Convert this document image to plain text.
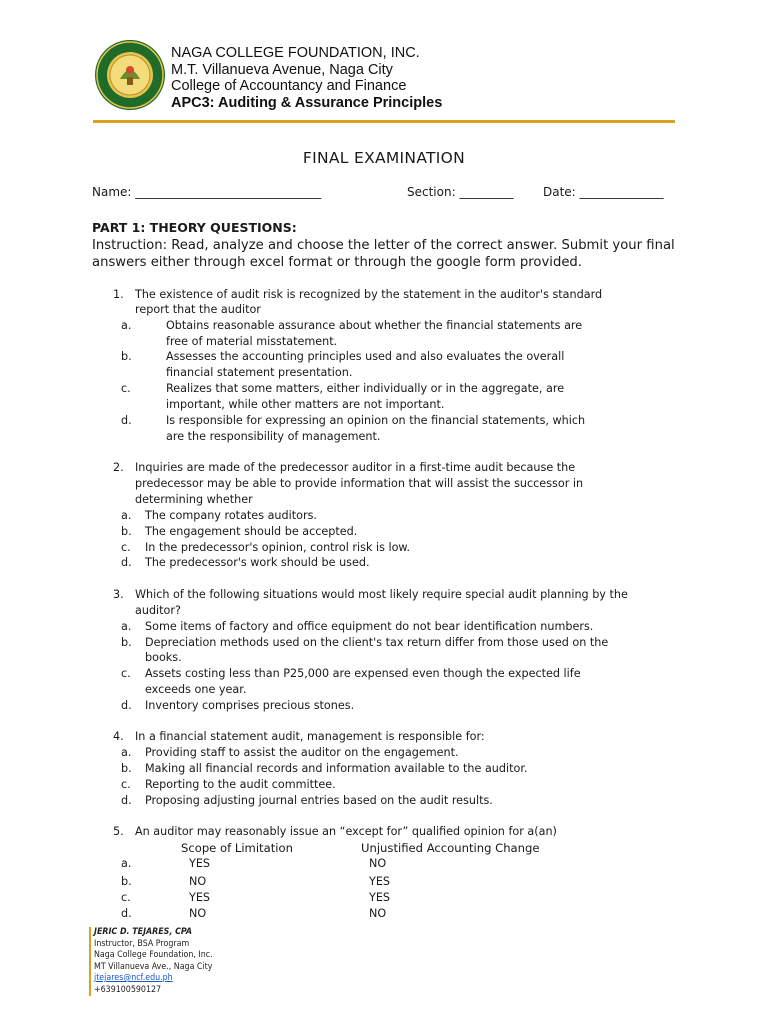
NAGA COLLEGE FOUNDATION, INC.
M.T. Villanueva Avenue, Naga City
College of Accountancy and Finance
APC3: Auditing & Assurance Principles
FINAL EXAMINATION
Name: _______________________________	Section: _________ Date: ______________
PART 1: THEORY QUESTIONS:
Instruction: Read, analyze and choose the letter of the correct answer. Submit your final
answers either through excel format or through the google form provided.
1. The existence of audit risk is recognized by the statement in the auditor's standard
report that the auditor
a.	Obtains reasonable assurance about whether the financial statements are
free of material misstatement.
b.	Assesses the accounting principles used and also evaluates the overall
financial statement presentation.
c.	Realizes that some matters, either individually or in the aggregate, are
important, while other matters are not important.
d.	Is responsible for expressing an opinion on the financial statements, which
are the responsibility of management.
2. Inquiries are made of the predecessor auditor in a first-time audit because the
predecessor may be able to provide information that will assist the successor in
determining whether
a. The company rotates auditors.
b. The engagement should be accepted.
c. In the predecessor's opinion, control risk is low.
d. The predecessor's work should be used.
3. Which of the following situations would most likely require special audit planning by the
auditor?
a. Some items of factory and office equipment do not bear identification numbers.
b. Depreciation methods used on the client's tax return differ from those used on the
books.
c. Assets costing less than P25,000 are expensed even though the expected life
exceeds one year.
d. Inventory comprises precious stones.
4. In a financial statement audit, management is responsible for:
a. Providing staff to assist the auditor on the engagement.
b. Making all financial records and information available to the auditor.
c. Reporting to the audit committee.
d. Proposing adjusting journal entries based on the audit results.
5. An auditor may reasonably issue an “except for” qualified opinion for a(an)
Scope of Limitation	Unjustified Accounting Change
a.	YES	NO
b.	NO	YES
c.	YES	YES
d.	NO	NO
JERIC D. TEJARES, CPA
Instructor, BSA Program
Naga College Foundation, Inc.
MT Villanueva Ave., Naga City
jtejares@ncf.edu.ph
+639100590127
